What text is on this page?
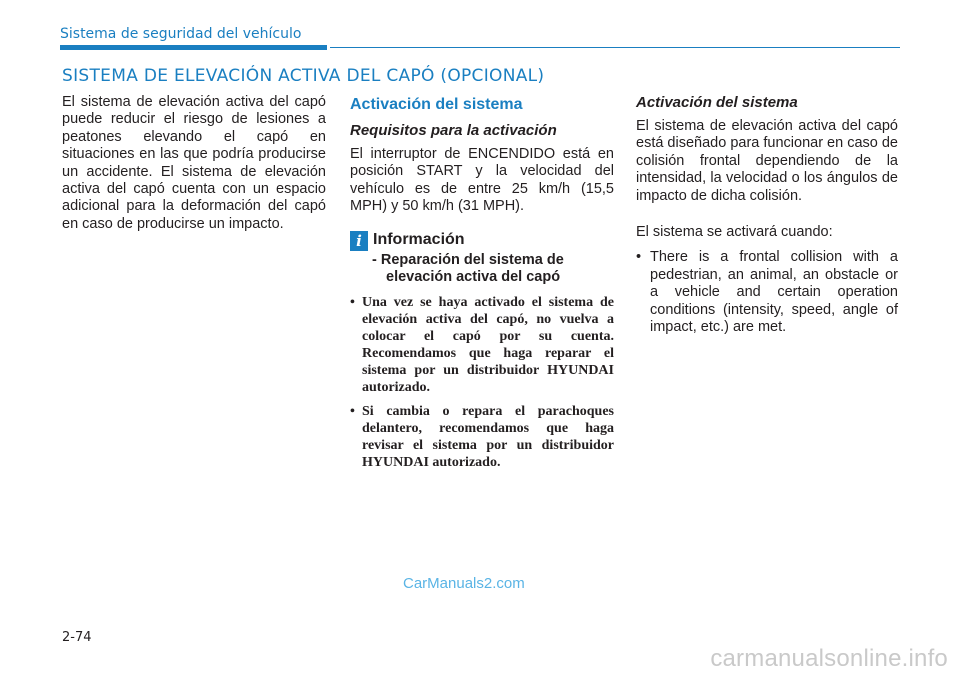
Sistema de seguridad del vehículo
SISTEMA DE ELEVACIÓN ACTIVA DEL CAPÓ (OPCIONAL)

El sistema de elevación activa del capó puede reducir el riesgo de lesiones a peatones elevando el capó en situaciones en las que podría producirse un accidente. El sistema de elevación activa del capó cuenta con un espacio adicional para la deformación del capó en caso de producirse un impacto.

Activación del sistema
Requisitos para la activación

El interruptor de ENCENDIDO está en posición START y la velocidad del vehículo es de entre 25 km/h (15,5 MPH) y 50 km/h (31 MPH).

i Información
- Reparación del sistema de
elevación activa del capó
• Una vez se haya activado el sistema de elevación activa del capó, no vuelva a colocar el capó por su cuenta. Recomendamos que haga reparar el sistema por un distribuidor HYUNDAI autorizado.
• Si cambia o repara el parachoques delantero, recomendamos que haga revisar el sistema por un distribuidor HYUNDAI autorizado.
Activación del sistema

El sistema de elevación activa del capó está diseñado para funcionar en caso de colisión frontal dependiendo de la intensidad, la velocidad o los ángulos de impacto de dicha colisión.

El sistema se activará cuando:

• There is a frontal collision with a pedestrian, an animal, an obstacle or a vehicle and certain operation conditions (intensity, speed, angle of impact, etc.) are met.
CarManuals2.com
2-74
carmanualsonline.info
